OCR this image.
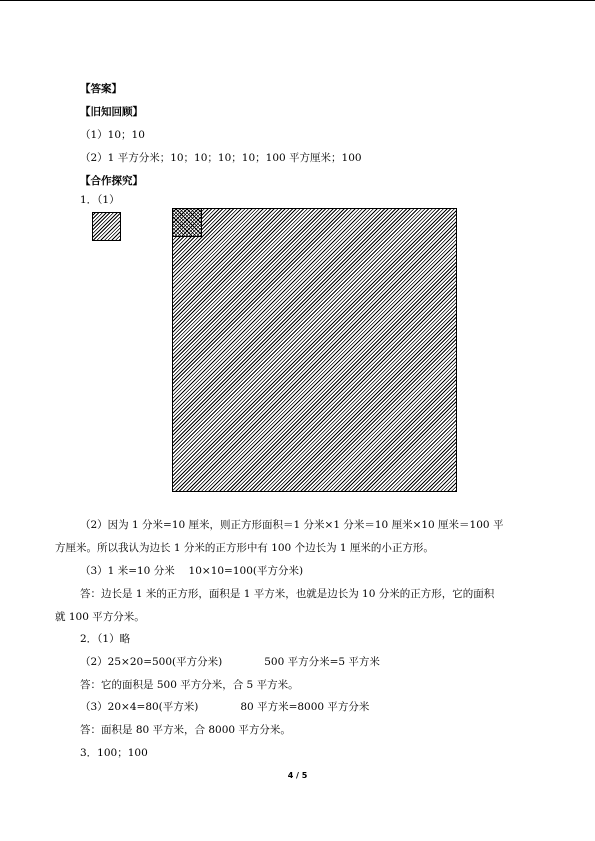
【答案】
【旧知回顾】
（1）10；10
（2）1 平方分米；10；10；10；10；100 平方厘米；100
【合作探究】
1．（1）
（2）因为 1 分米=10 厘米，则正方形面积＝1 分米×1 分米＝10 厘米×10 厘米＝100 平
方厘米。所以我认为边长 1 分米的正方形中有 100 个边长为 1 厘米的小正方形。
（3）1 米=10 分米　 10×10=100(平方分米)
答：边长是 1 米的正方形，面积是 1 平方米，也就是边长为 10 分米的正方形，它的面积
就 100 平方分米。
2．（1）略
（2）25×20=500(平方分米)　　　　500 平方分米=5 平方米
答：它的面积是 500 平方分米，合 5 平方米。
（3）20×4=80(平方米)　　　　80 平方米=8000 平方分米
答：面积是 80 平方米，合 8000 平方分米。
3．100；100
4 / 5
